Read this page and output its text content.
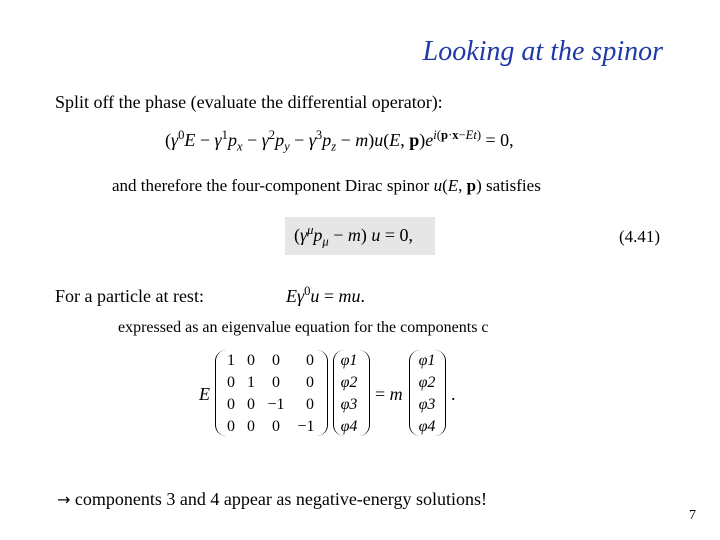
Looking at the spinor
Split off the phase (evaluate the differential operator):
$(\gamma^0E - \gamma^1p_x - \gamma^2p_y - \gamma^3p_z - m)u(E$, $p)e^{i(p\cdot x-Et)} = 0$,
and therefore the four-component Dirac spinor u(E, p) satisfies
$(\gamma^\mu p_\mu - m) u = 0$,	(4.41)
For a particle at rest:	$E\gamma^0u$ = mu.
expressed as an eigenvalue equation for the components c
E
1 0	0	0
0 1	0	0
0 0 −1	0
0 0	0	−1
φ1
φ2
φ3
φ4
= m
φ1
φ2
φ3
φ4
.
→ components 3 and 4 appear as negative-energy solutions!
7
